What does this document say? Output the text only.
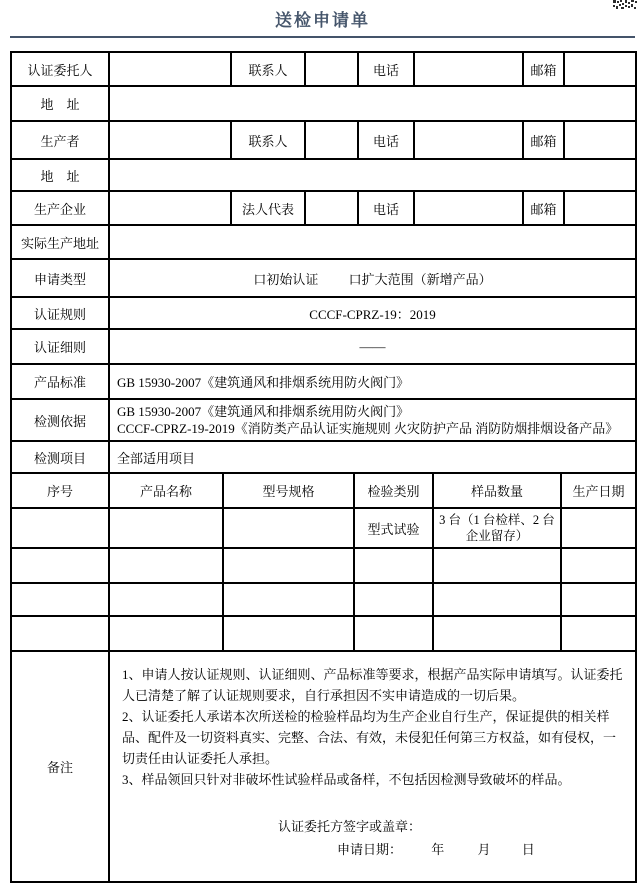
送检申请单
认证委托人		联系人		电话		邮箱	
地　址							
生产者		联系人		电话		邮箱	
地　址							
生产企业		法人代表		电话		邮箱	
实际生产地址							
申请类型	口初始认证 口扩大范围（新增产品）						
认证规则	CCCF-CPRZ-19：2019						
认证细则	——						
产品标准	GB 15930-2007《建筑通风和排烟系统用防火阀门》						
检测依据	GB 15930-2007《建筑通风和排烟系统用防火阀门》
CCCF-CPRZ-19-2019《消防类产品认证实施规则 火灾防护产品 消防防烟排烟设备产品》						

检测项目	全部适用项目						
序号	产品名称	型号规格	检验类别	样品数量	生产日期
			型式试验	3 台（1 台检样、2 台企业留存）	

备注	

1、申请人按认证规则、认证细则、产品标准等要求，根据产品实际申请填写。认证委托人已清楚了解了认证规则要求，自行承担因不实申请造成的一切后果。

2、认证委托人承诺本次所送检的检验样品均为生产企业自行生产，保证提供的相关样品、配件及一切资料真实、完整、合法、有效，未侵犯任何第三方权益，如有侵权，一切责任由认证委托人承担。

3、样品领回只针对非破坏性试验样品或备样，不包括因检测导致破坏的样品。

认证委托方签字或盖章：
申请日期： 年	月 日
